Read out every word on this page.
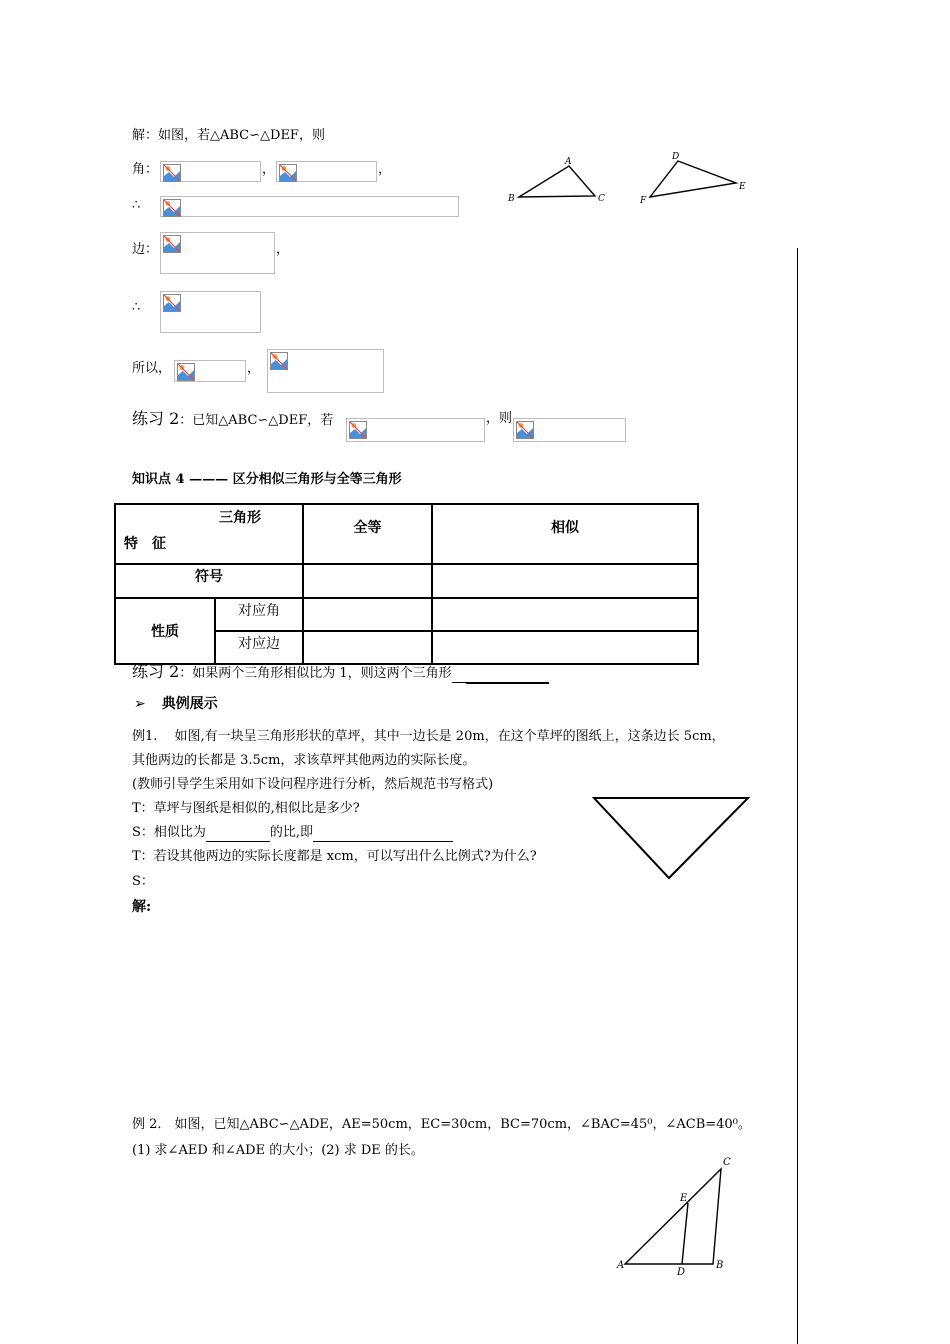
解：如图，若△ABC∽△DEF，则
角：	，	，
∴
边：	，
∴
所以，	，
练习 2：已知△ABC∽△DEF，若	，则
A
B	C
D
E
F
知识点 4 ——— 区分相似三角形与全等三角形
三角形
特　征		全等	相似
符号			
性质	对应角		
	对应边		
练习 2：如果两个三角形相似比为 1，则这两个三角形
➢ 典例展示
例1.　 如图,有一块呈三角形形状的草坪，其中一边长是 20m，在这个草坪的图纸上，这条边长 5cm，
其他两边的长都是 3.5cm，求该草坪其他两边的实际长度。
(教师引导学生采用如下设问程序进行分析，然后规范书写格式)
T：草坪与图纸是相似的,相似比是多少?
S：相似比为	的比,即
T：若设其他两边的实际长度都是 xcm，可以写出什么比例式?为什么?
S：
解:
例 2． 如图，已知△ABC∽△ADE，AE=50cm，EC=30cm，BC=70cm，∠BAC=45⁰，∠ACB=40⁰。
(1) 求∠AED 和∠ADE 的大小；(2) 求 DE 的长。
C
E
A
D
B
